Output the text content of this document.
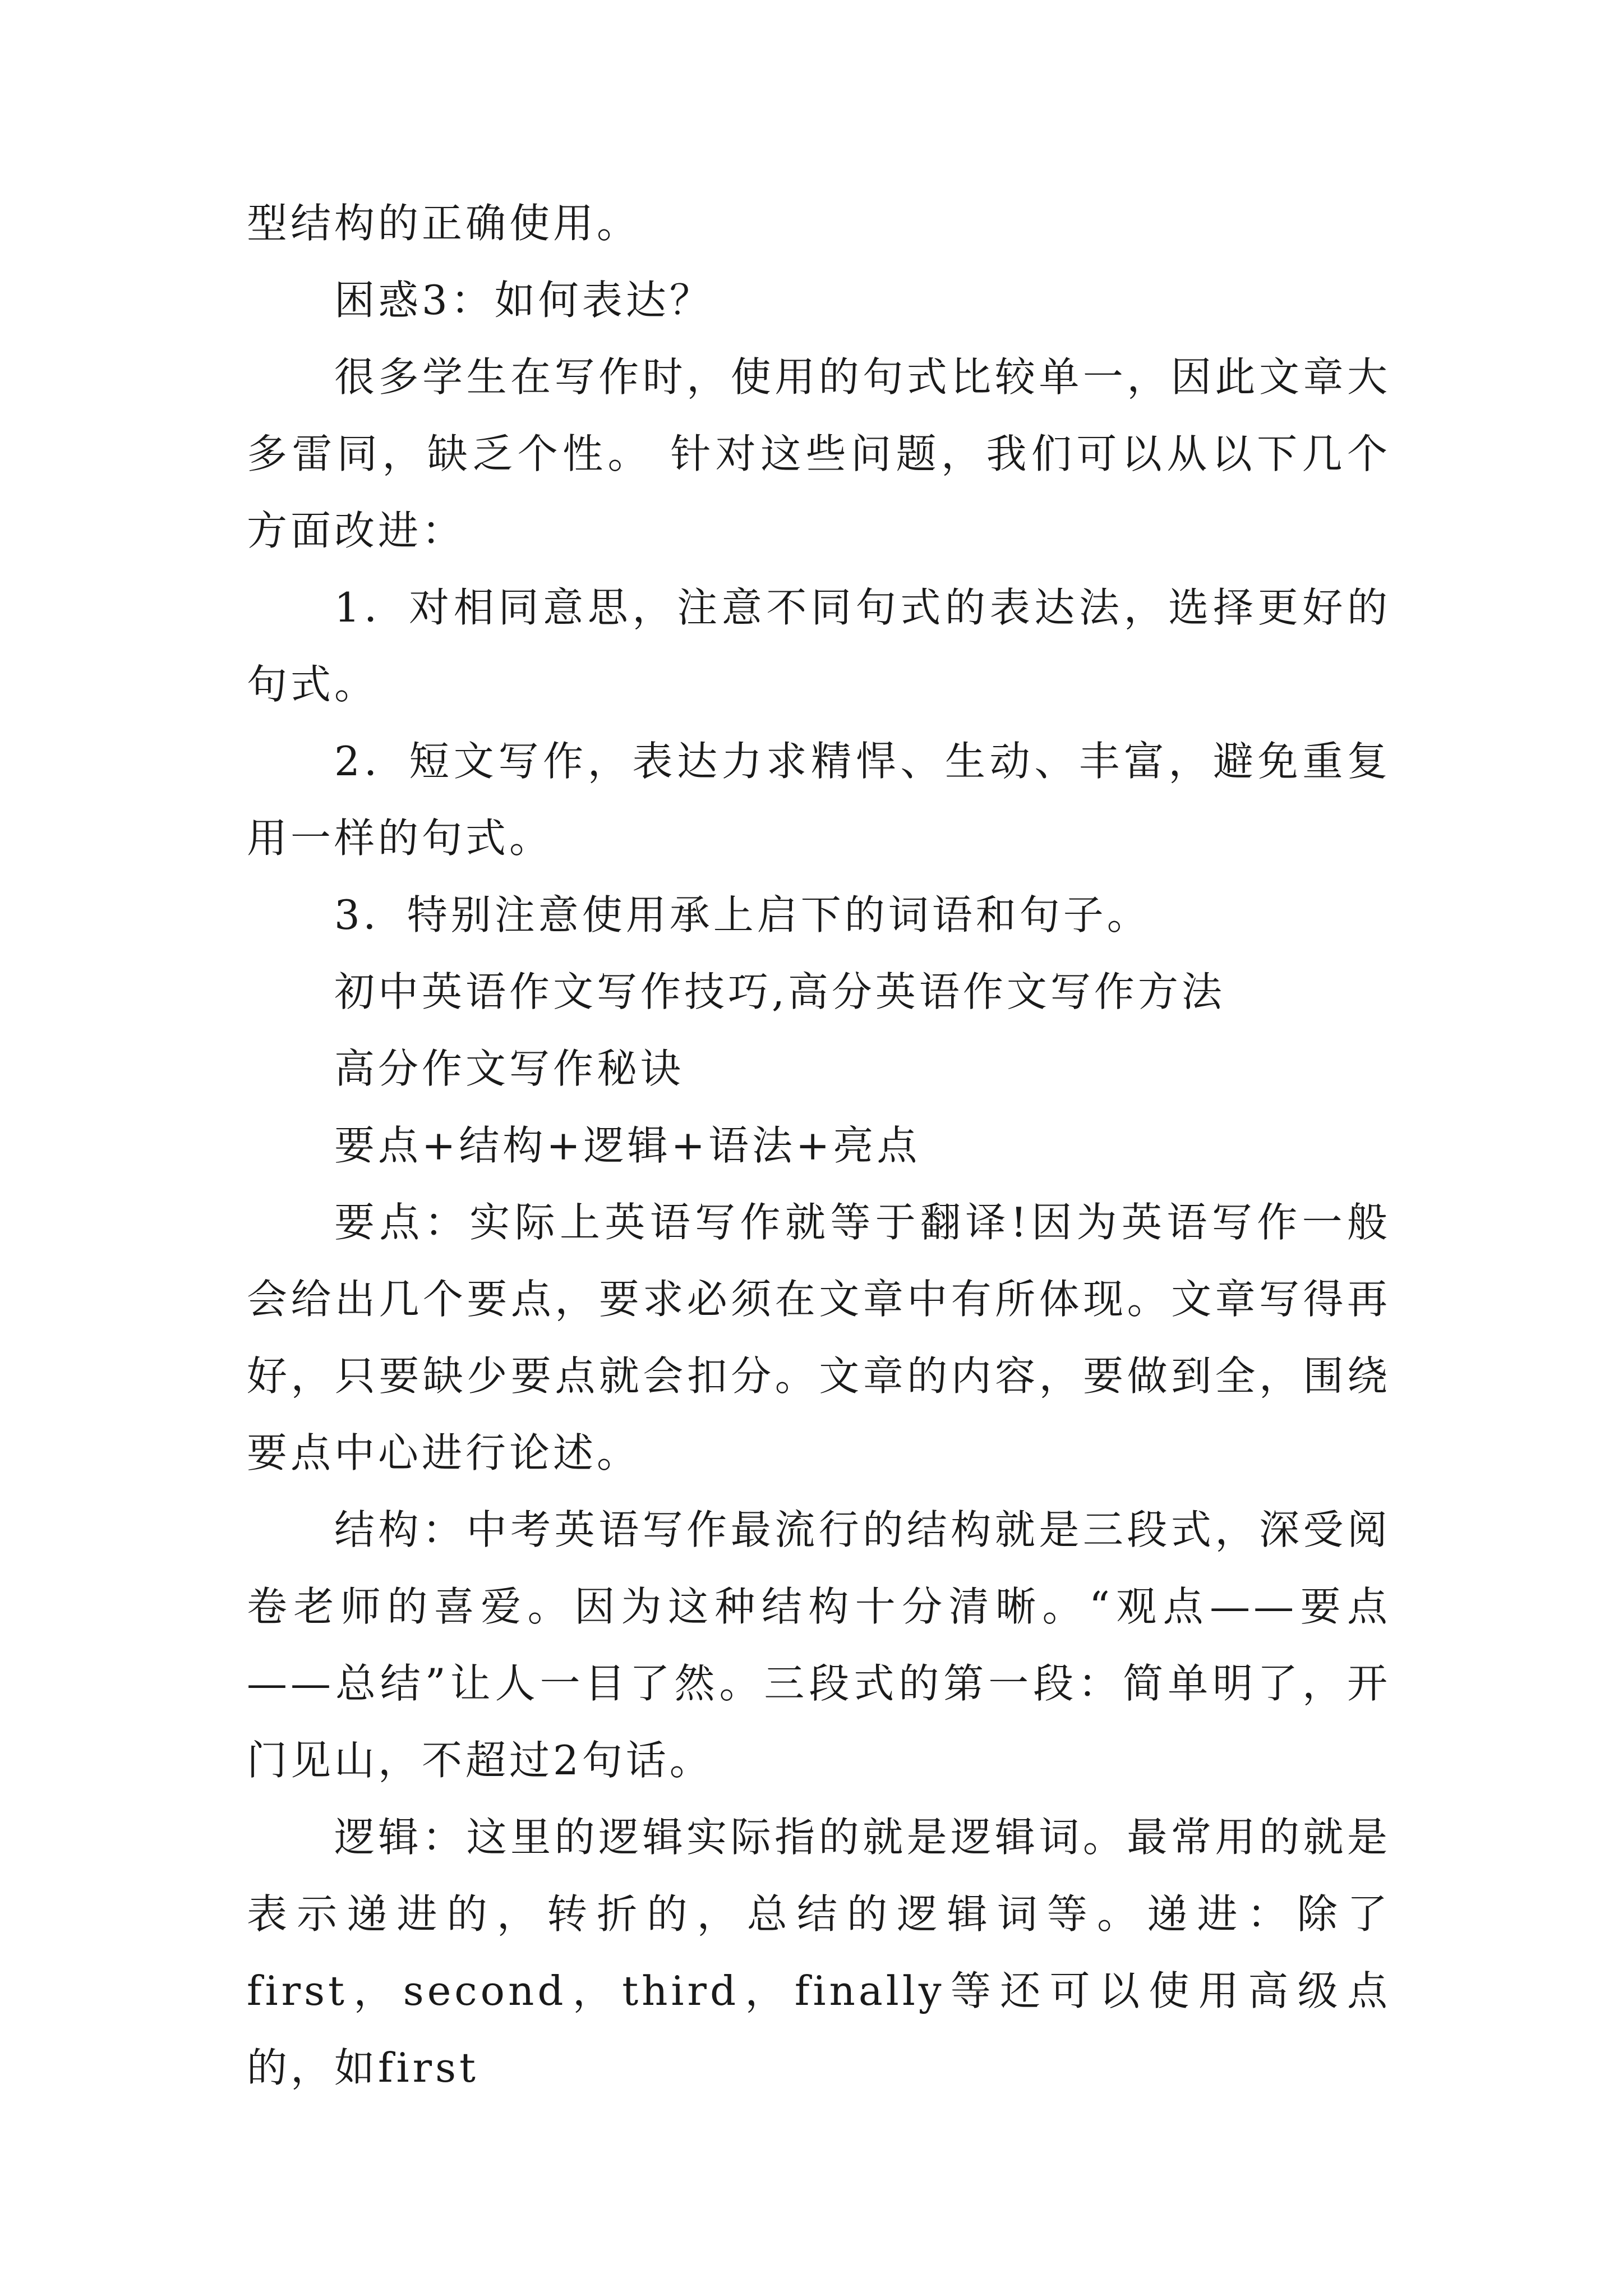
型结构的正确使用。

困惑3：如何表达？

很多学生在写作时，使用的句式比较单一，因此文章大多雷同，缺乏个性。 针对这些问题，我们可以从以下几个方面改进：

1．对相同意思，注意不同句式的表达法，选择更好的句式。

2．短文写作，表达力求精悍、生动、丰富，避免重复用一样的句式。

3．特别注意使用承上启下的词语和句子。

初中英语作文写作技巧,高分英语作文写作方法

高分作文写作秘诀

要点+结构+逻辑+语法+亮点

要点：实际上英语写作就等于翻译!因为英语写作一般会给出几个要点，要求必须在文章中有所体现。文章写得再好，只要缺少要点就会扣分。文章的内容，要做到全，围绕要点中心进行论述。

结构：中考英语写作最流行的结构就是三段式，深受阅卷老师的喜爱。因为这种结构十分清晰。“观点——要点——总结”让人一目了然。三段式的第一段：简单明了，开门见山，不超过2句话。

逻辑：这里的逻辑实际指的就是逻辑词。最常用的就是表示递进的，转折的，总结的逻辑词等。递进：除了first，second，third，finally等还可以使用高级点的，如first
